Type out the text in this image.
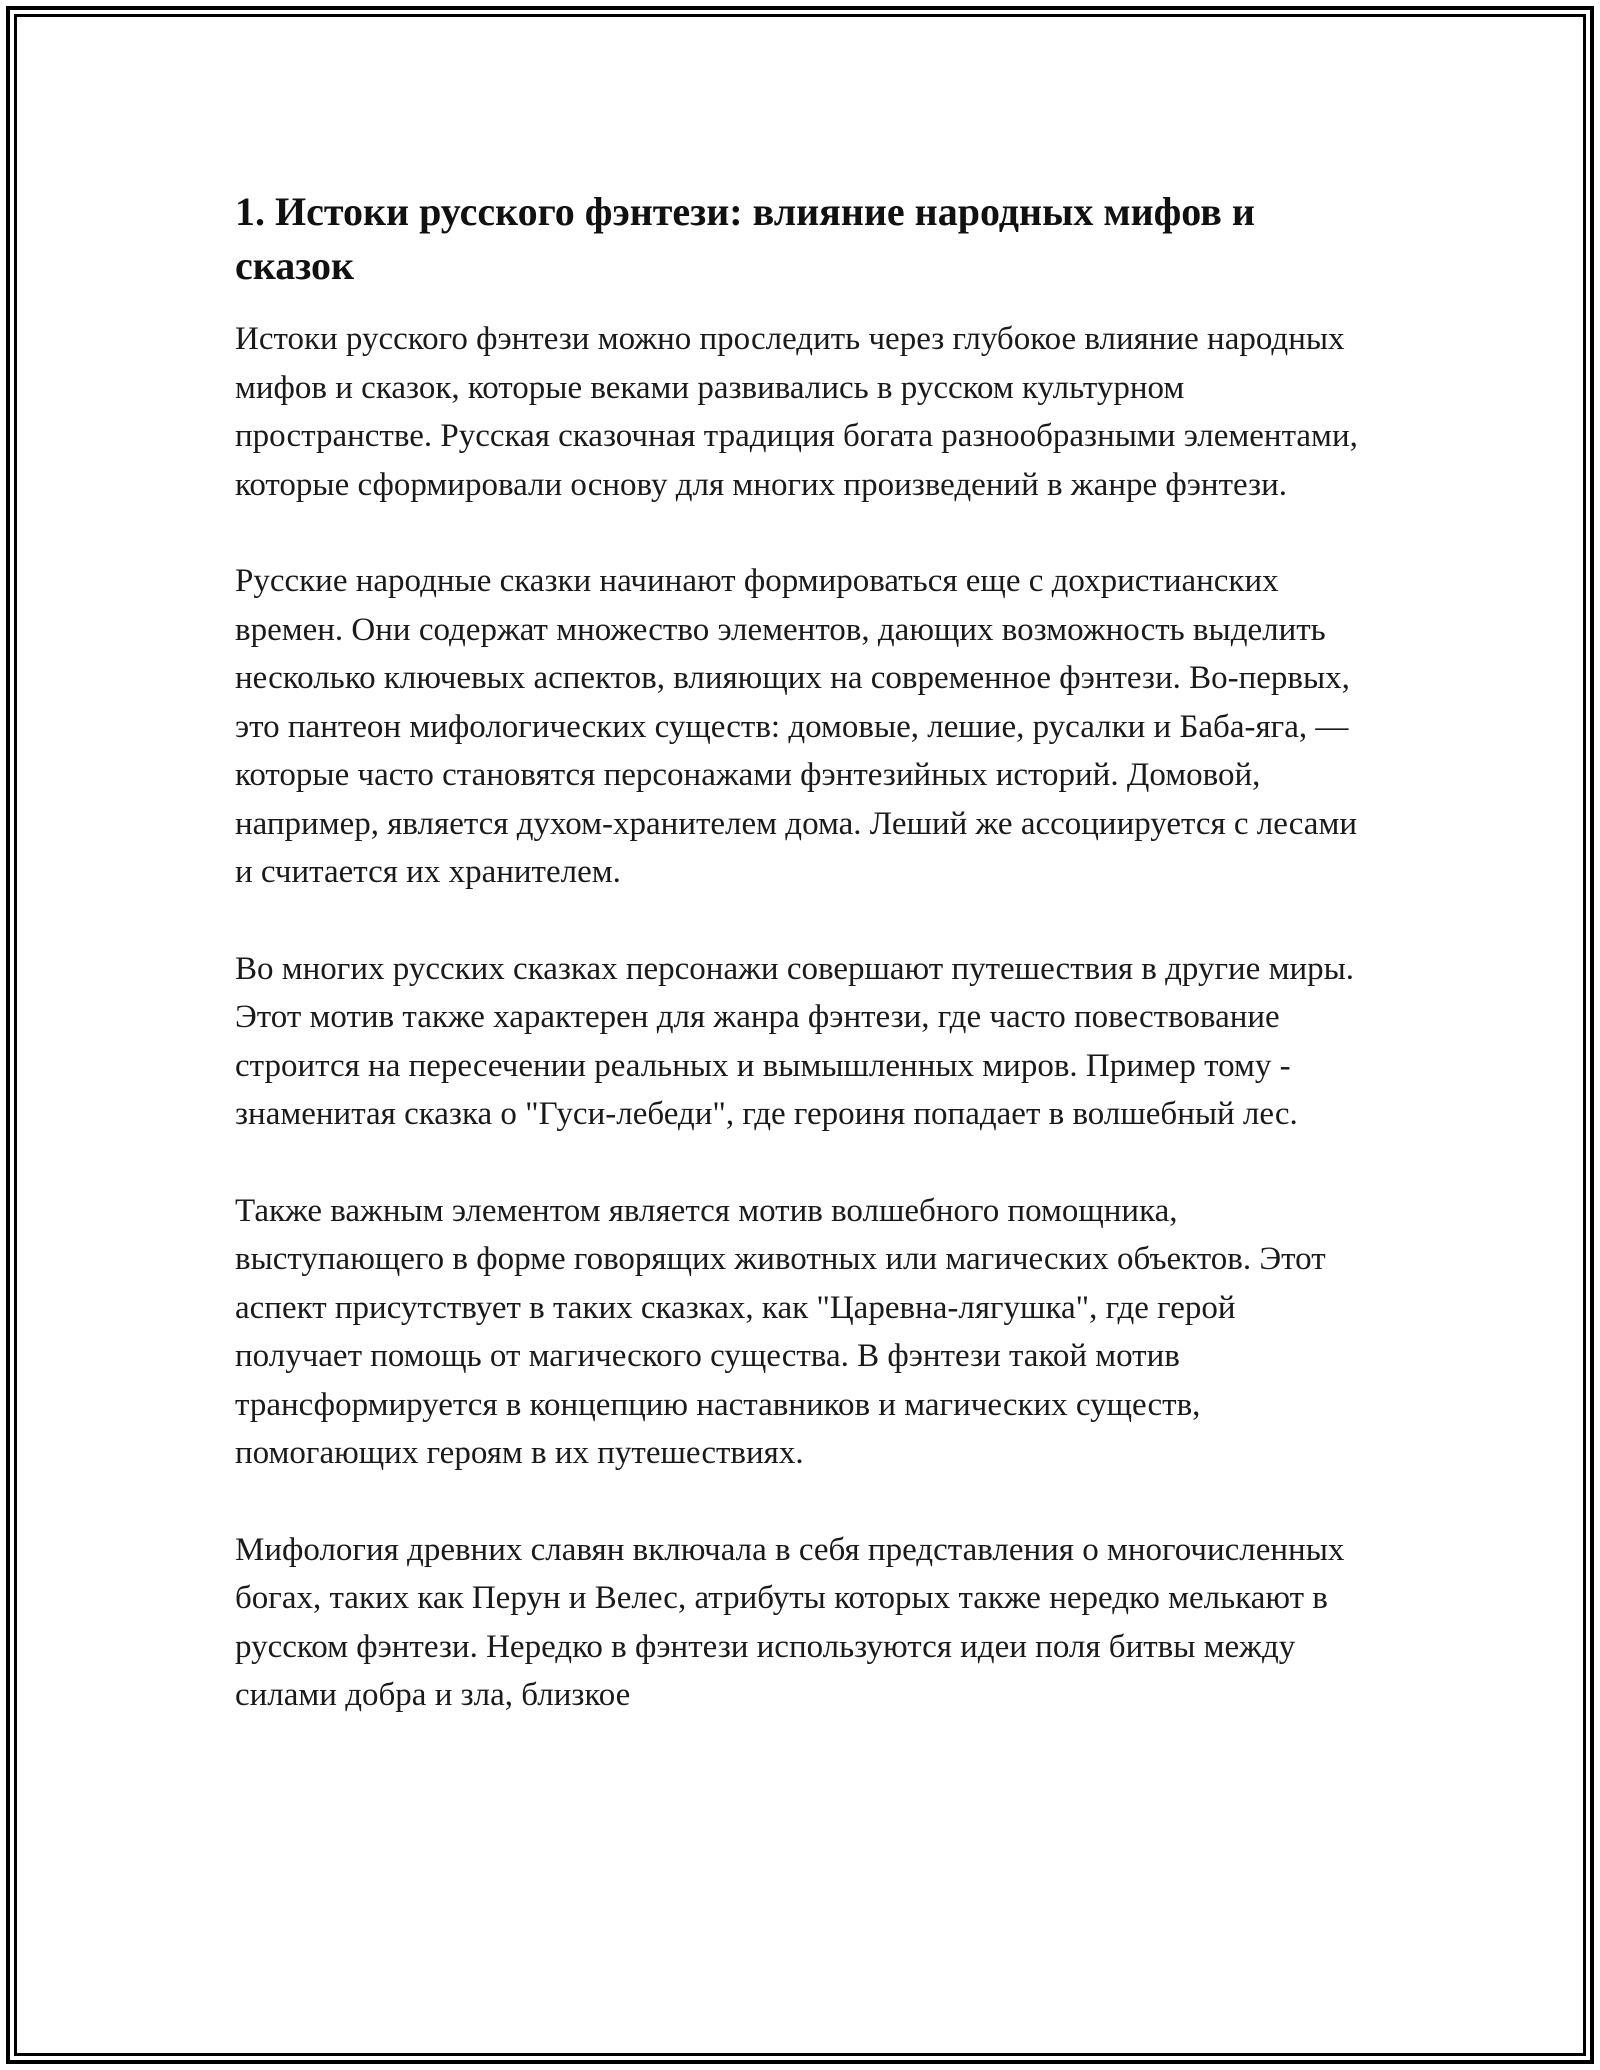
1. Истоки русского фэнтези: влияние народных мифов и сказок

Истоки русского фэнтези можно проследить через глубокое влияние народных мифов и сказок, которые веками развивались в русском культурном пространстве. Русская сказочная традиция богата разнообразными элементами, которые сформировали основу для многих произведений в жанре фэнтези.

Русские народные сказки начинают формироваться еще с дохристианских времен. Они содержат множество элементов, дающих возможность выделить несколько ключевых аспектов, влияющих на современное фэнтези. Во-первых, это пантеон мифологических существ: домовые, лешие, русалки и Баба-яга, — которые часто становятся персонажами фэнтезийных историй. Домовой, например, является духом-хранителем дома. Леший же ассоциируется с лесами и считается их хранителем.

Во многих русских сказках персонажи совершают путешествия в другие миры. Этот мотив также характерен для жанра фэнтези, где часто повествование строится на пересечении реальных и вымышленных миров. Пример тому - знаменитая сказка о "Гуси-лебеди", где героиня попадает в волшебный лес.

Также важным элементом является мотив волшебного помощника, выступающего в форме говорящих животных или магических объектов. Этот аспект присутствует в таких сказках, как "Царевна-лягушка", где герой получает помощь от магического существа. В фэнтези такой мотив трансформируется в концепцию наставников и магических существ, помогающих героям в их путешествиях.

Мифология древних славян включала в себя представления о многочисленных богах, таких как Перун и Велес, атрибуты которых также нередко мелькают в русском фэнтези. Нередко в фэнтези используются идеи поля битвы между силами добра и зла, близкое
